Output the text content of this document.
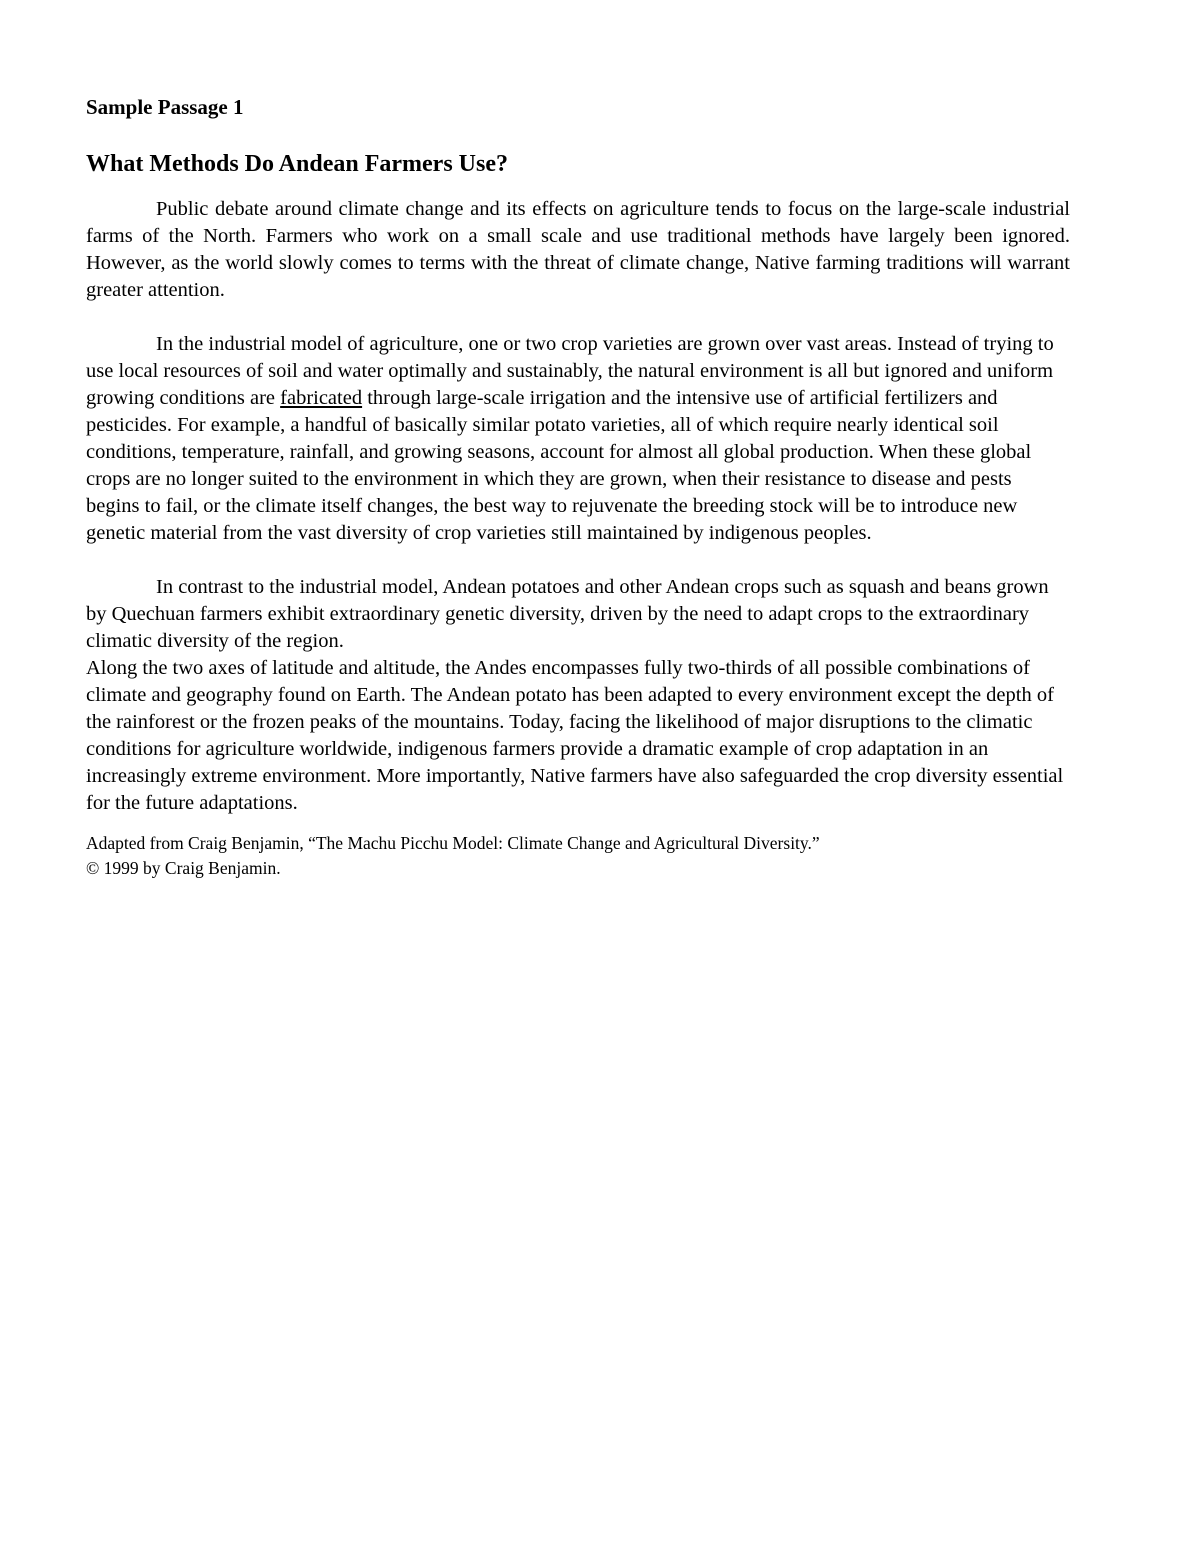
Sample Passage 1

What Methods Do Andean Farmers Use?

Public debate around climate change and its effects on agriculture tends to focus on the large-scale industrial farms of the North. Farmers who work on a small scale and use traditional methods have largely been ignored. However, as the world slowly comes to terms with the threat of climate change, Native farming traditions will warrant greater attention.

In the industrial model of agriculture, one or two crop varieties are grown over vast areas. Instead of trying to use local resources of soil and water optimally and sustainably, the natural environment is all but ignored and uniform growing conditions are fabricated through large-scale irrigation and the intensive use of artificial fertilizers and pesticides. For example, a handful of basically similar potato varieties, all of which require nearly identical soil conditions, temperature, rainfall, and growing seasons, account for almost all global production. When these global crops are no longer suited to the environment in which they are grown, when their resistance to disease and pests begins to fail, or the climate itself changes, the best way to rejuvenate the breeding stock will be to introduce new genetic material from the vast diversity of crop varieties still maintained by indigenous peoples.

In contrast to the industrial model, Andean potatoes and other Andean crops such as squash and beans grown by Quechuan farmers exhibit extraordinary genetic diversity, driven by the need to adapt crops to the extraordinary climatic diversity of the region.

Along the two axes of latitude and altitude, the Andes encompasses fully two-thirds of all possible combinations of climate and geography found on Earth. The Andean potato has been adapted to every environment except the depth of the rainforest or the frozen peaks of the mountains. Today, facing the likelihood of major disruptions to the climatic conditions for agriculture worldwide, indigenous farmers provide a dramatic example of crop adaptation in an increasingly extreme environment. More importantly, Native farmers have also safeguarded the crop diversity essential for the future adaptations.

Adapted from Craig Benjamin, “The Machu Picchu Model: Climate Change and Agricultural Diversity.”
© 1999 by Craig Benjamin.
